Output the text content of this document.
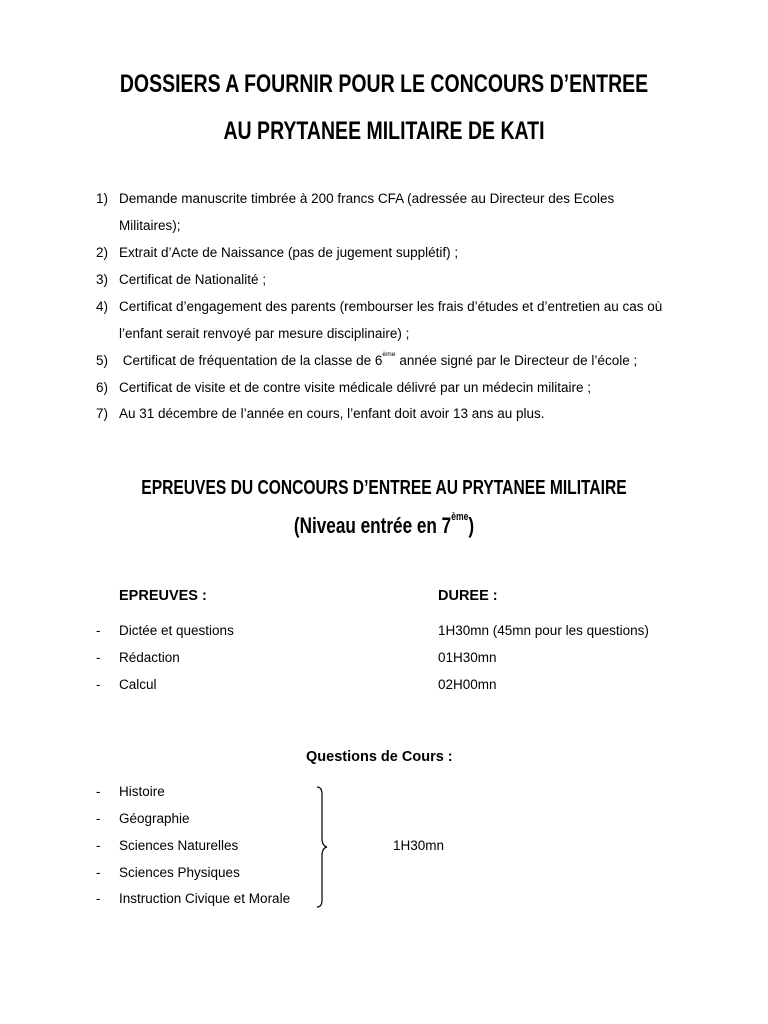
DOSSIERS A FOURNIR POUR LE CONCOURS D’ENTREE
AU PRYTANEE MILITAIRE DE KATI
1) Demande manuscrite timbrée à 200 francs CFA (adressée au Directeur des Ecoles
Militaires);
2) Extrait d’Acte de Naissance (pas de jugement supplétif) ;
3) Certificat de Nationalité ;
4) Certificat d’engagement des parents (rembourser les frais d’études et d’entretien au cas où
l’enfant serait renvoyé par mesure disciplinaire) ;
5) Certificat de fréquentation de la classe de 6ème année signé par le Directeur de l’école ;
6) Certificat de visite et de contre visite médicale délivré par un médecin militaire ;
7) Au 31 décembre de l’année en cours, l’enfant doit avoir 13 ans au plus.
EPREUVES DU CONCOURS D’ENTREE AU PRYTANEE MILITAIRE
(Niveau entrée en 7ème)
EPREUVES :	DUREE :
- Dictée et questions	1H30mn (45mn pour les questions)
- Rédaction	01H30mn
- Calcul	02H00mn
Questions de Cours :
- Histoire
- Géographie
- Sciences Naturelles
- Sciences Physiques
- Instruction Civique et Morale
1H30mn
